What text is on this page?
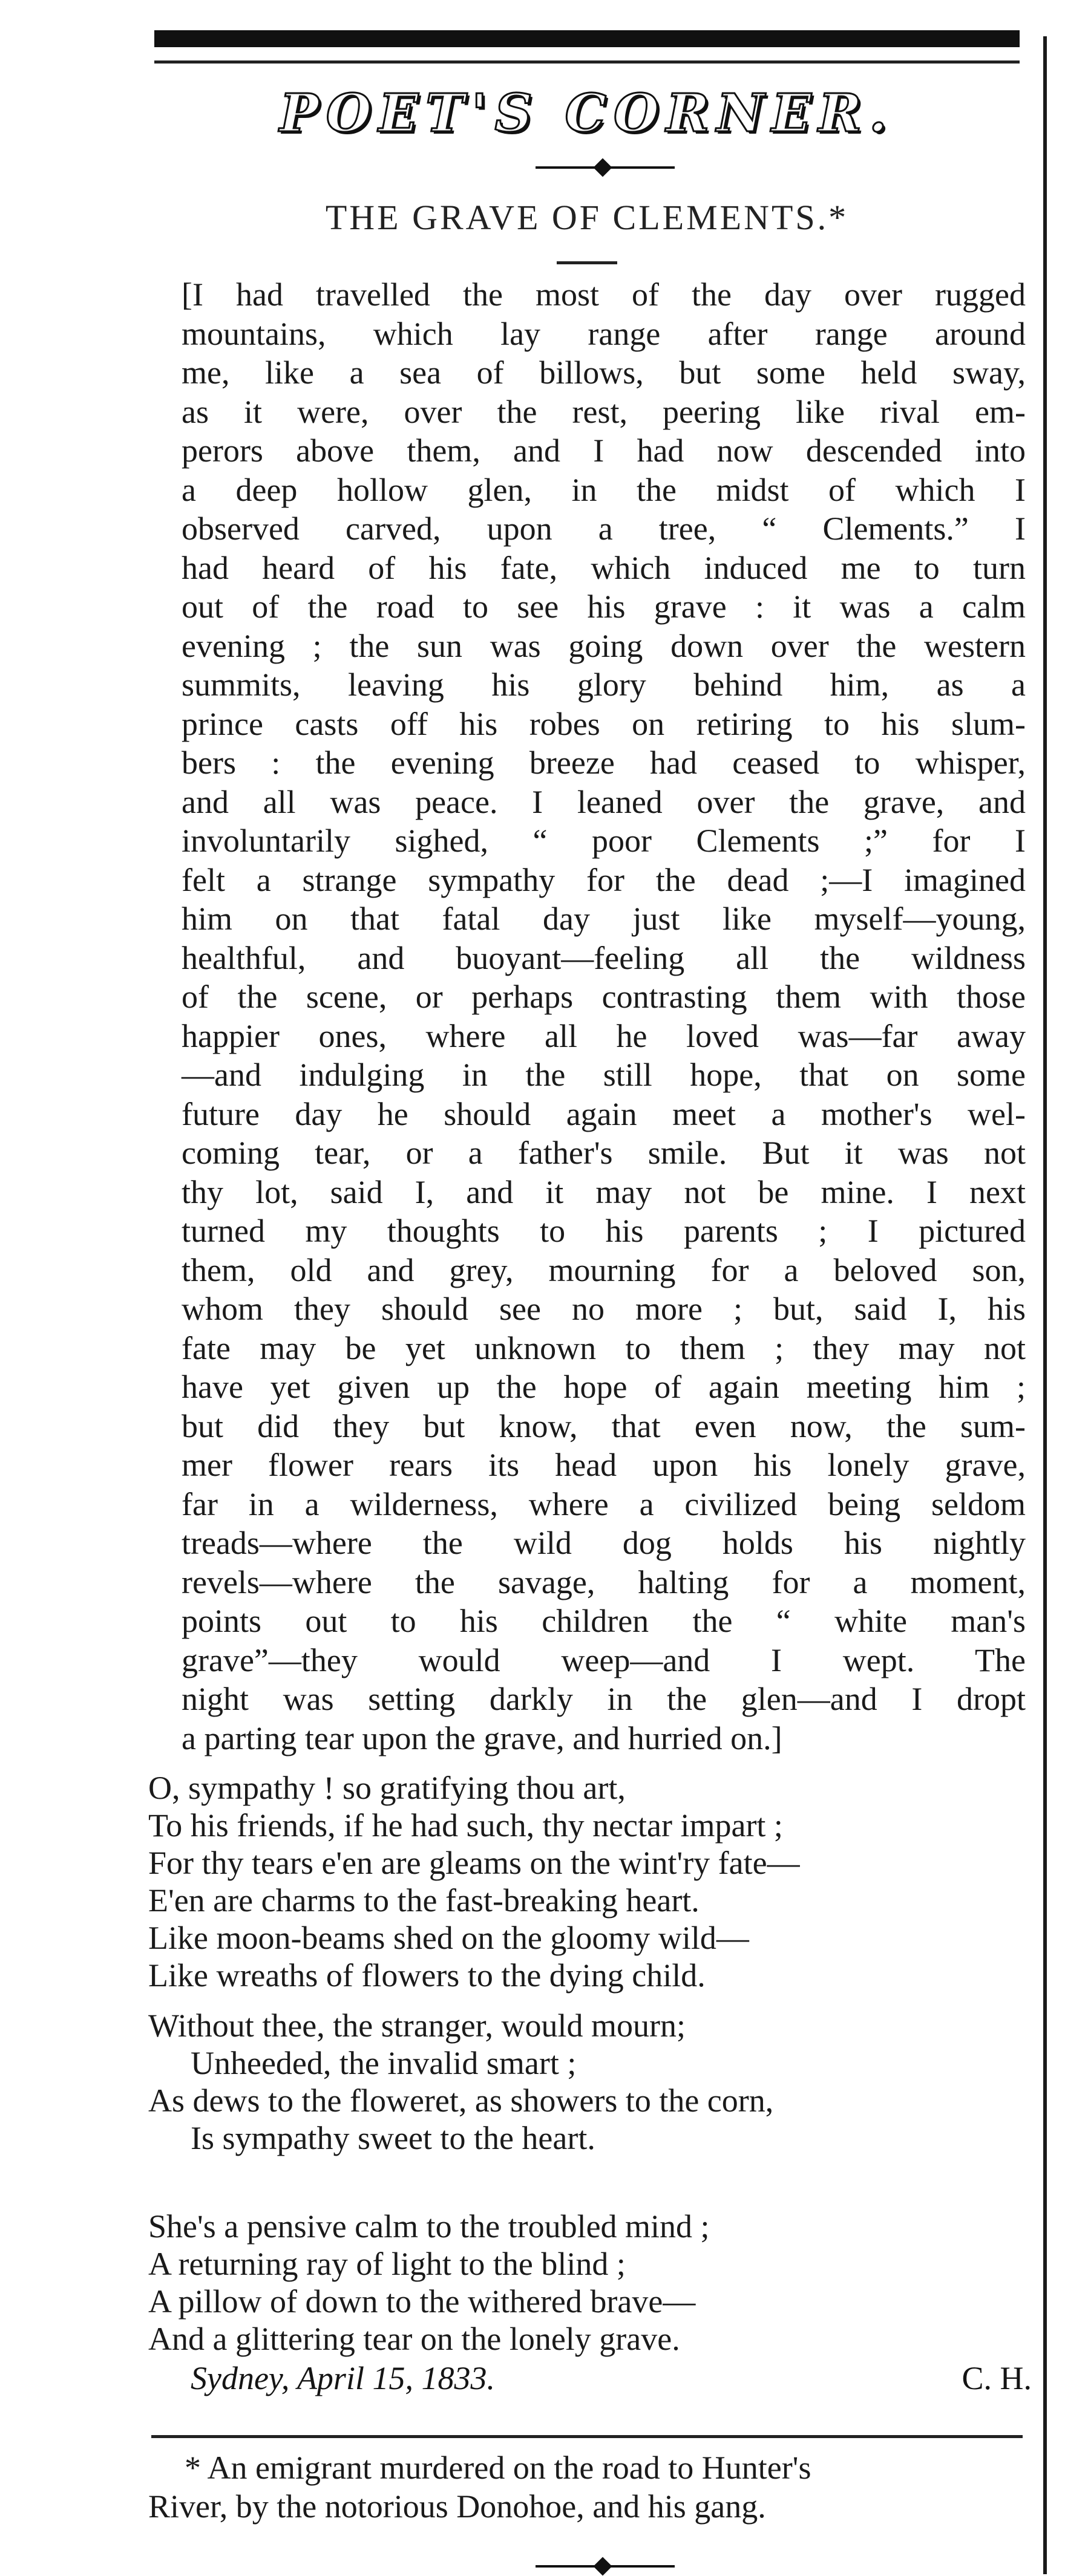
POET'S CORNER.
THE GRAVE OF CLEMENTS.*
[I had travelled the most of the day over rugged
mountains, which lay range after range around
me, like a sea of billows, but some held sway,
as it were, over the rest, peering like rival em-
perors above them, and I had now descended into
a deep hollow glen, in the midst of which I
observed carved, upon a tree, “ Clements.” I
had heard of his fate, which induced me to turn
out of the road to see his grave : it was a calm
evening ; the sun was going down over the western
summits, leaving his glory behind him, as a
prince casts off his robes on retiring to his slum-
bers : the evening breeze had ceased to whisper,
and all was peace. I leaned over the grave, and
involuntarily sighed, “ poor Clements ;” for I
felt a strange sympathy for the dead ;—I imagined
him on that fatal day just like myself—young,
healthful, and buoyant—feeling all the wildness
of the scene, or perhaps contrasting them with those
happier ones, where all he loved was—far away
—and indulging in the still hope, that on some
future day he should again meet a mother's wel-
coming tear, or a father's smile. But it was not
thy lot, said I, and it may not be mine. I next
turned my thoughts to his parents ; I pictured
them, old and grey, mourning for a beloved son,
whom they should see no more ; but, said I, his
fate may be yet unknown to them ; they may not
have yet given up the hope of again meeting him ;
but did they but know, that even now, the sum-
mer flower rears its head upon his lonely grave,
far in a wilderness, where a civilized being seldom
treads—where the wild dog holds his nightly
revels—where the savage, halting for a moment,
points out to his children the “ white man's
grave”—they would weep—and I wept. The
night was setting darkly in the glen—and I dropt
a parting tear upon the grave, and hurried on.]
O, sympathy ! so gratifying thou art,
To his friends, if he had such, thy nectar impart ;
For thy tears e'en are gleams on the wint'ry fate—
E'en are charms to the fast-breaking heart.
Like moon-beams shed on the gloomy wild—
Like wreaths of flowers to the dying child.
Without thee, the stranger, would mourn;
Unheeded, the invalid smart ;
As dews to the floweret, as showers to the corn,
Is sympathy sweet to the heart.
She's a pensive calm to the troubled mind ;
A returning ray of light to the blind ;
A pillow of down to the withered brave—
And a glittering tear on the lonely grave.
Sydney, April 15, 1833.	C. H.
* An emigrant murdered on the road to Hunter's
River, by the notorious Donohoe, and his gang.
